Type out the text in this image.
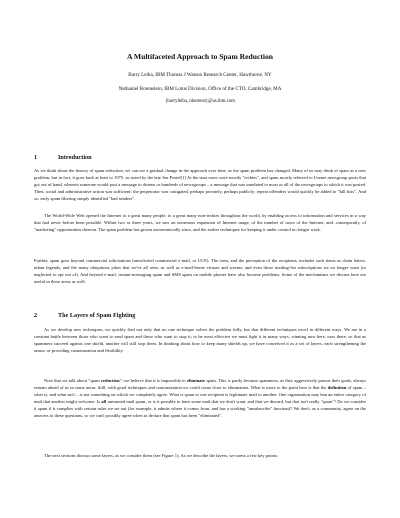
A Multifaceted Approach to Spam Reduction
Barry Leiba, IBM Thomas J Watson Research Center, Hawthorne, NY
Nathaniel Borenstein, IBM Lotus Division, Office of the CTO, Cambridge, MA
{barryleiba, nborenst}@us.ibm.com
1	Introduction

As we think about the history of spam reduction, we can see a gradual change in the approach over time, as the spam problem has changed. Many of us may think of spam as a new problem, but in fact, it goes back at least to 1975, as noted by the late Jon Postel[1] At the start users were mostly "techies", and spam mostly referred to Usenet newsgroup posts that got out of hand, wherein someone would post a message to dozens or hundreds of newsgroups – a message that was unrelated to most or all of the newsgroups to which it was posted. Then, social and administrative action was sufficient: the perpetrator was castigated, perhaps privately, perhaps publicly; repeat offenders would quickly be added to "kill lists". And so, early spam filtering simply identified "bad senders".

The World-Wide Web opened the Internet to a great many people, to a great many non-techies throughout the world, by enabling access to information and services in a way that had never before been possible. Within two or three years, we saw an enormous expansion of Internet usage, of the number of users of the Internet, and, consequently, of "marketing" opportunities thereon. The spam problem has grown astronomically since, and the earlier techniques for keeping it under control no longer work.

Further, spam goes beyond commercial solicitations (unsolicited commercial e-mail, or UCE). The term, and the perception of the recipients, includes such items as chain letters, urban legends, and the many ubiquitous jokes that we've all seen, as well as e-mail-borne viruses and worms; and even those mailing-list subscriptions we no longer want (or neglected to opt out of). And beyond e-mail, instant-messaging spam and SMS spam on mobile phones have also become problems. Some of the mechanisms we discuss here are useful in these areas as well.

2	The Layers of Spam Fighting

As we develop new techniques, we quickly find not only that no one technique solves the problem fully, but that different techniques excel in different ways. We are in a constant battle between those who want to send spam and those who want to stop it; to be most effective we must fight it in many ways, winning now here, now there, so that as spammers succeed against one shield, another will still stop them. In thinking about how to keep many shields up, we have conceived it as a set of layers, each strengthening the armor, or providing customization and flexibility.

Note that we talk about "spam reduction"; we believe that it is impossible to eliminate spam. This is partly because spammers, as they aggressively pursue their goals, always remain ahead of us in some areas. Still, with good techniques and customization we could come close to elimination. What is more to the point here is that the definition of spam – what is, and what isn't – is not something on which we completely agree. What is spam to one recipient is legitimate mail to another. One organization may ban an entire category of mail that another might welcome. Is all unwanted mail spam, or is it possible to have some mail that we don't want, and that we discard, but that isn't really "spam"? Do we consider it spam if it complies with certain rules we set out (for example, it admits where it comes from, and has a working "unsubscribe" function)? We don't, as a community, agree on the answers to these questions, so we can't possibly agree when to declare that spam has been "eliminated".

The next sections discuss some layers, as we consider them (see Figure 1). As we describe the layers, we stress a few key points:
